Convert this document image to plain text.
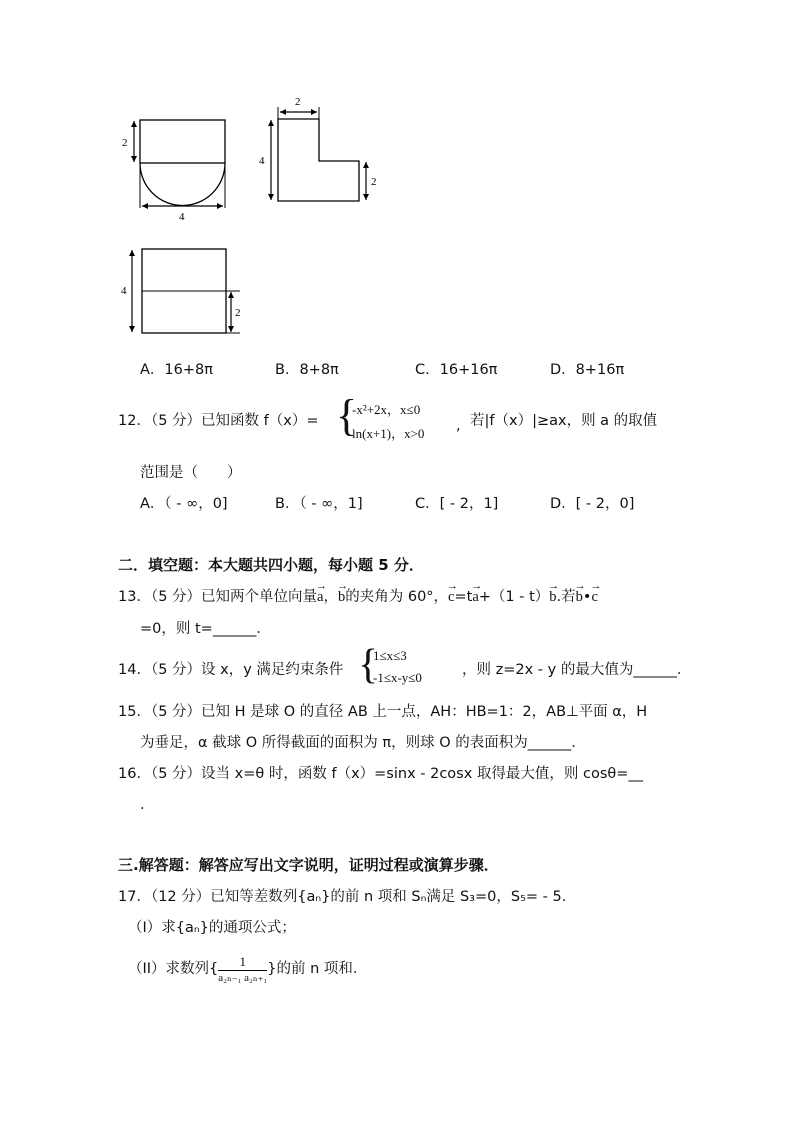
2
4
2
4
2
4
2
A．16+8π	B．8+8π	C．16+16π	D．8+16π
12．（5 分）已知函数 f（x）= {
-x²+2x，x≤0
ln(x+1)，x>0 , 若|f（x）|≥ax，则 a 的取值
范围是（　　）
A．（ - ∞，0]	B．（ - ∞，1]	C．[ - 2，1]	D．[ - 2，0]
二．填空题：本大题共四小题，每小题 5 分．
13．（5 分）已知两个单位向量→ a，→ b的夹角为 60°，→ c=t→ a+（1 - t）→ b.若→ b•→ c
=0，则 t=______．
14．（5 分）设 x，y 满足约束条件 {
1≤x≤3
-1≤x-y≤0	，则 z=2x - y 的最大值为______．
15．（5 分）已知 H 是球 O 的直径 AB 上一点，AH：HB=1：2，AB⊥平面 α，H
为垂足，α 截球 O 所得截面的面积为 π，则球 O 的表面积为______．
16．（5 分）设当 x=θ 时，函数 f（x）=sinx - 2cosx 取得最大值，则 cosθ=__
．
三.解答题：解答应写出文字说明，证明过程或演算步骤．
17．（12 分）已知等差数列{aₙ}的前 n 项和 Sₙ满足 S₃=0，S₅= - 5．
（I）求{aₙ}的通项公式；
（II）求数列{ $\frac{1}{\text{a₂ₙ₋₁ a₂ₙ₊₁}}$ }的前 n 项和．
